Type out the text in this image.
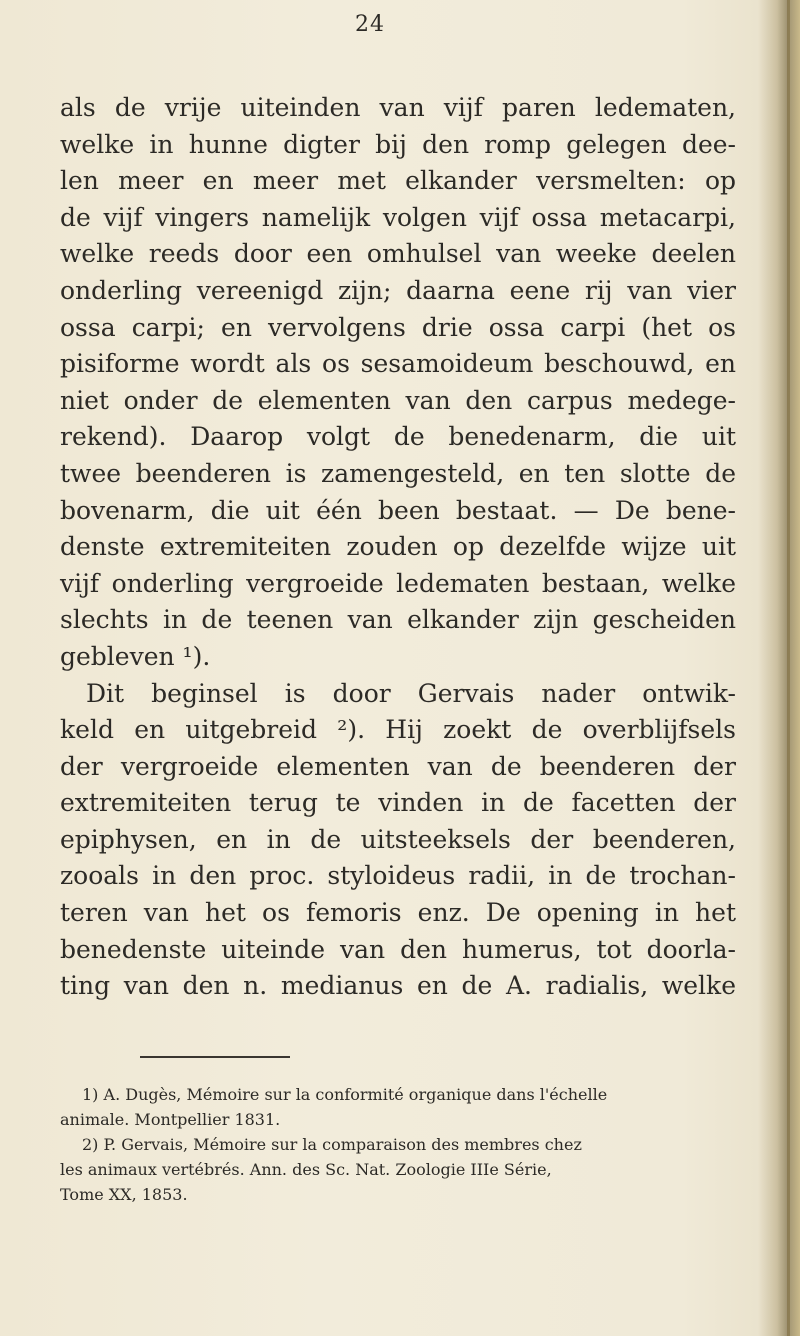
24
als de vrije uiteinden van vijf paren ledematen,
welke in hunne digter bij den romp gelegen dee-
len meer en meer met elkander versmelten: op
de vijf vingers namelijk volgen vijf ossa metacarpi,
welke reeds door een omhulsel van weeke deelen
onderling vereenigd zijn; daarna eene rij van vier
ossa carpi; en vervolgens drie ossa carpi (het os
pisiforme wordt als os sesamoideum beschouwd, en
niet onder de elementen van den carpus medege-
rekend). Daarop volgt de benedenarm, die uit
twee beenderen is zamengesteld, en ten slotte de
bovenarm, die uit één been bestaat. — De bene-
denste extremiteiten zouden op dezelfde wijze uit
vijf onderling vergroeide ledematen bestaan, welke
slechts in de teenen van elkander zijn gescheiden
gebleven ¹).
Dit beginsel is door Gervais nader ontwik-
keld en uitgebreid ²). Hij zoekt de overblijfsels
der vergroeide elementen van de beenderen der
extremiteiten terug te vinden in de facetten der
epiphysen, en in de uitsteeksels der beenderen,
zooals in den proc. styloideus radii, in de trochan-
teren van het os femoris enz. De opening in het
benedenste uiteinde van den humerus, tot doorla-
ting van den n. medianus en de A. radialis, welke
1) A. Dugès, Mémoire sur la conformité organique dans l'échelle
animale. Montpellier 1831.
2) P. Gervais, Mémoire sur la comparaison des membres chez
les animaux vertébrés. Ann. des Sc. Nat. Zoologie IIIe Série,
Tome XX, 1853.
